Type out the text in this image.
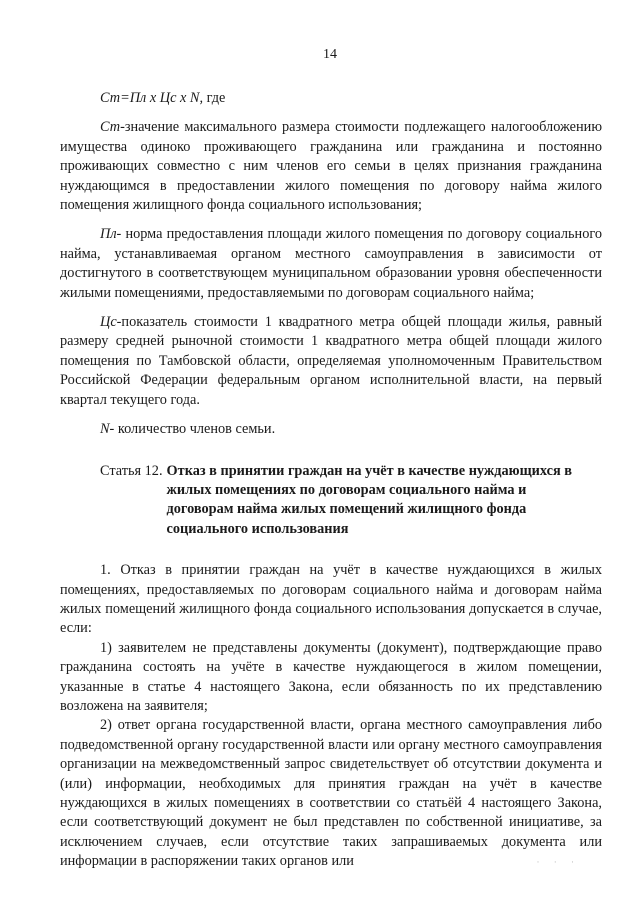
14

Ст=Пл х Цс х N, где

Ст-значение максимального размера стоимости подлежащего налогообложению имущества одиноко проживающего гражданина или гражданина и постоянно проживающих совместно с ним членов его семьи в целях признания гражданина нуждающимся в предоставлении жилого помещения по договору найма жилого помещения жилищного фонда социального использования;

Пл- норма предоставления площади жилого помещения по договору социального найма, устанавливаемая органом местного самоуправления в зависимости от достигнутого в соответствующем муниципальном образовании уровня обеспеченности жилыми помещениями, предоставляемыми по договорам социального найма;

Цс-показатель стоимости 1 квадратного метра общей площади жилья, равный размеру средней рыночной стоимости 1 квадратного метра общей площади жилого помещения по Тамбовской области, определяемая уполномоченным Правительством Российской Федерации федеральным органом исполнительной власти, на первый квартал текущего года.

N- количество членов семьи.

Статья 12. Отказ в принятии граждан на учёт в качестве нуждающихся в жилых помещениях по договорам социального найма и договорам найма жилых помещений жилищного фонда социального использования

1. Отказ в принятии граждан на учёт в качестве нуждающихся в жилых помещениях, предоставляемых по договорам социального найма и договорам найма жилых помещений жилищного фонда социального использования допускается в случае, если:

1) заявителем не представлены документы (документ), подтверждающие право гражданина состоять на учёте в качестве нуждающегося в жилом помещении, указанные в статье 4 настоящего Закона, если обязанность по их представлению возложена на заявителя;

2) ответ органа государственной власти, органа местного самоуправления либо подведомственной органу государственной власти или органу местного самоуправления организации на межведомственный запрос свидетельствует об отсутствии документа и (или) информации, необходимых для принятия граждан на учёт в качестве нуждающихся в жилых помещениях в соответствии со статьёй 4 настоящего Закона, если соответствующий документ не был представлен по собственной инициативе, за исключением случаев, если отсутствие таких запрашиваемых документа или информации в распоряжении таких органов или	· · ·
